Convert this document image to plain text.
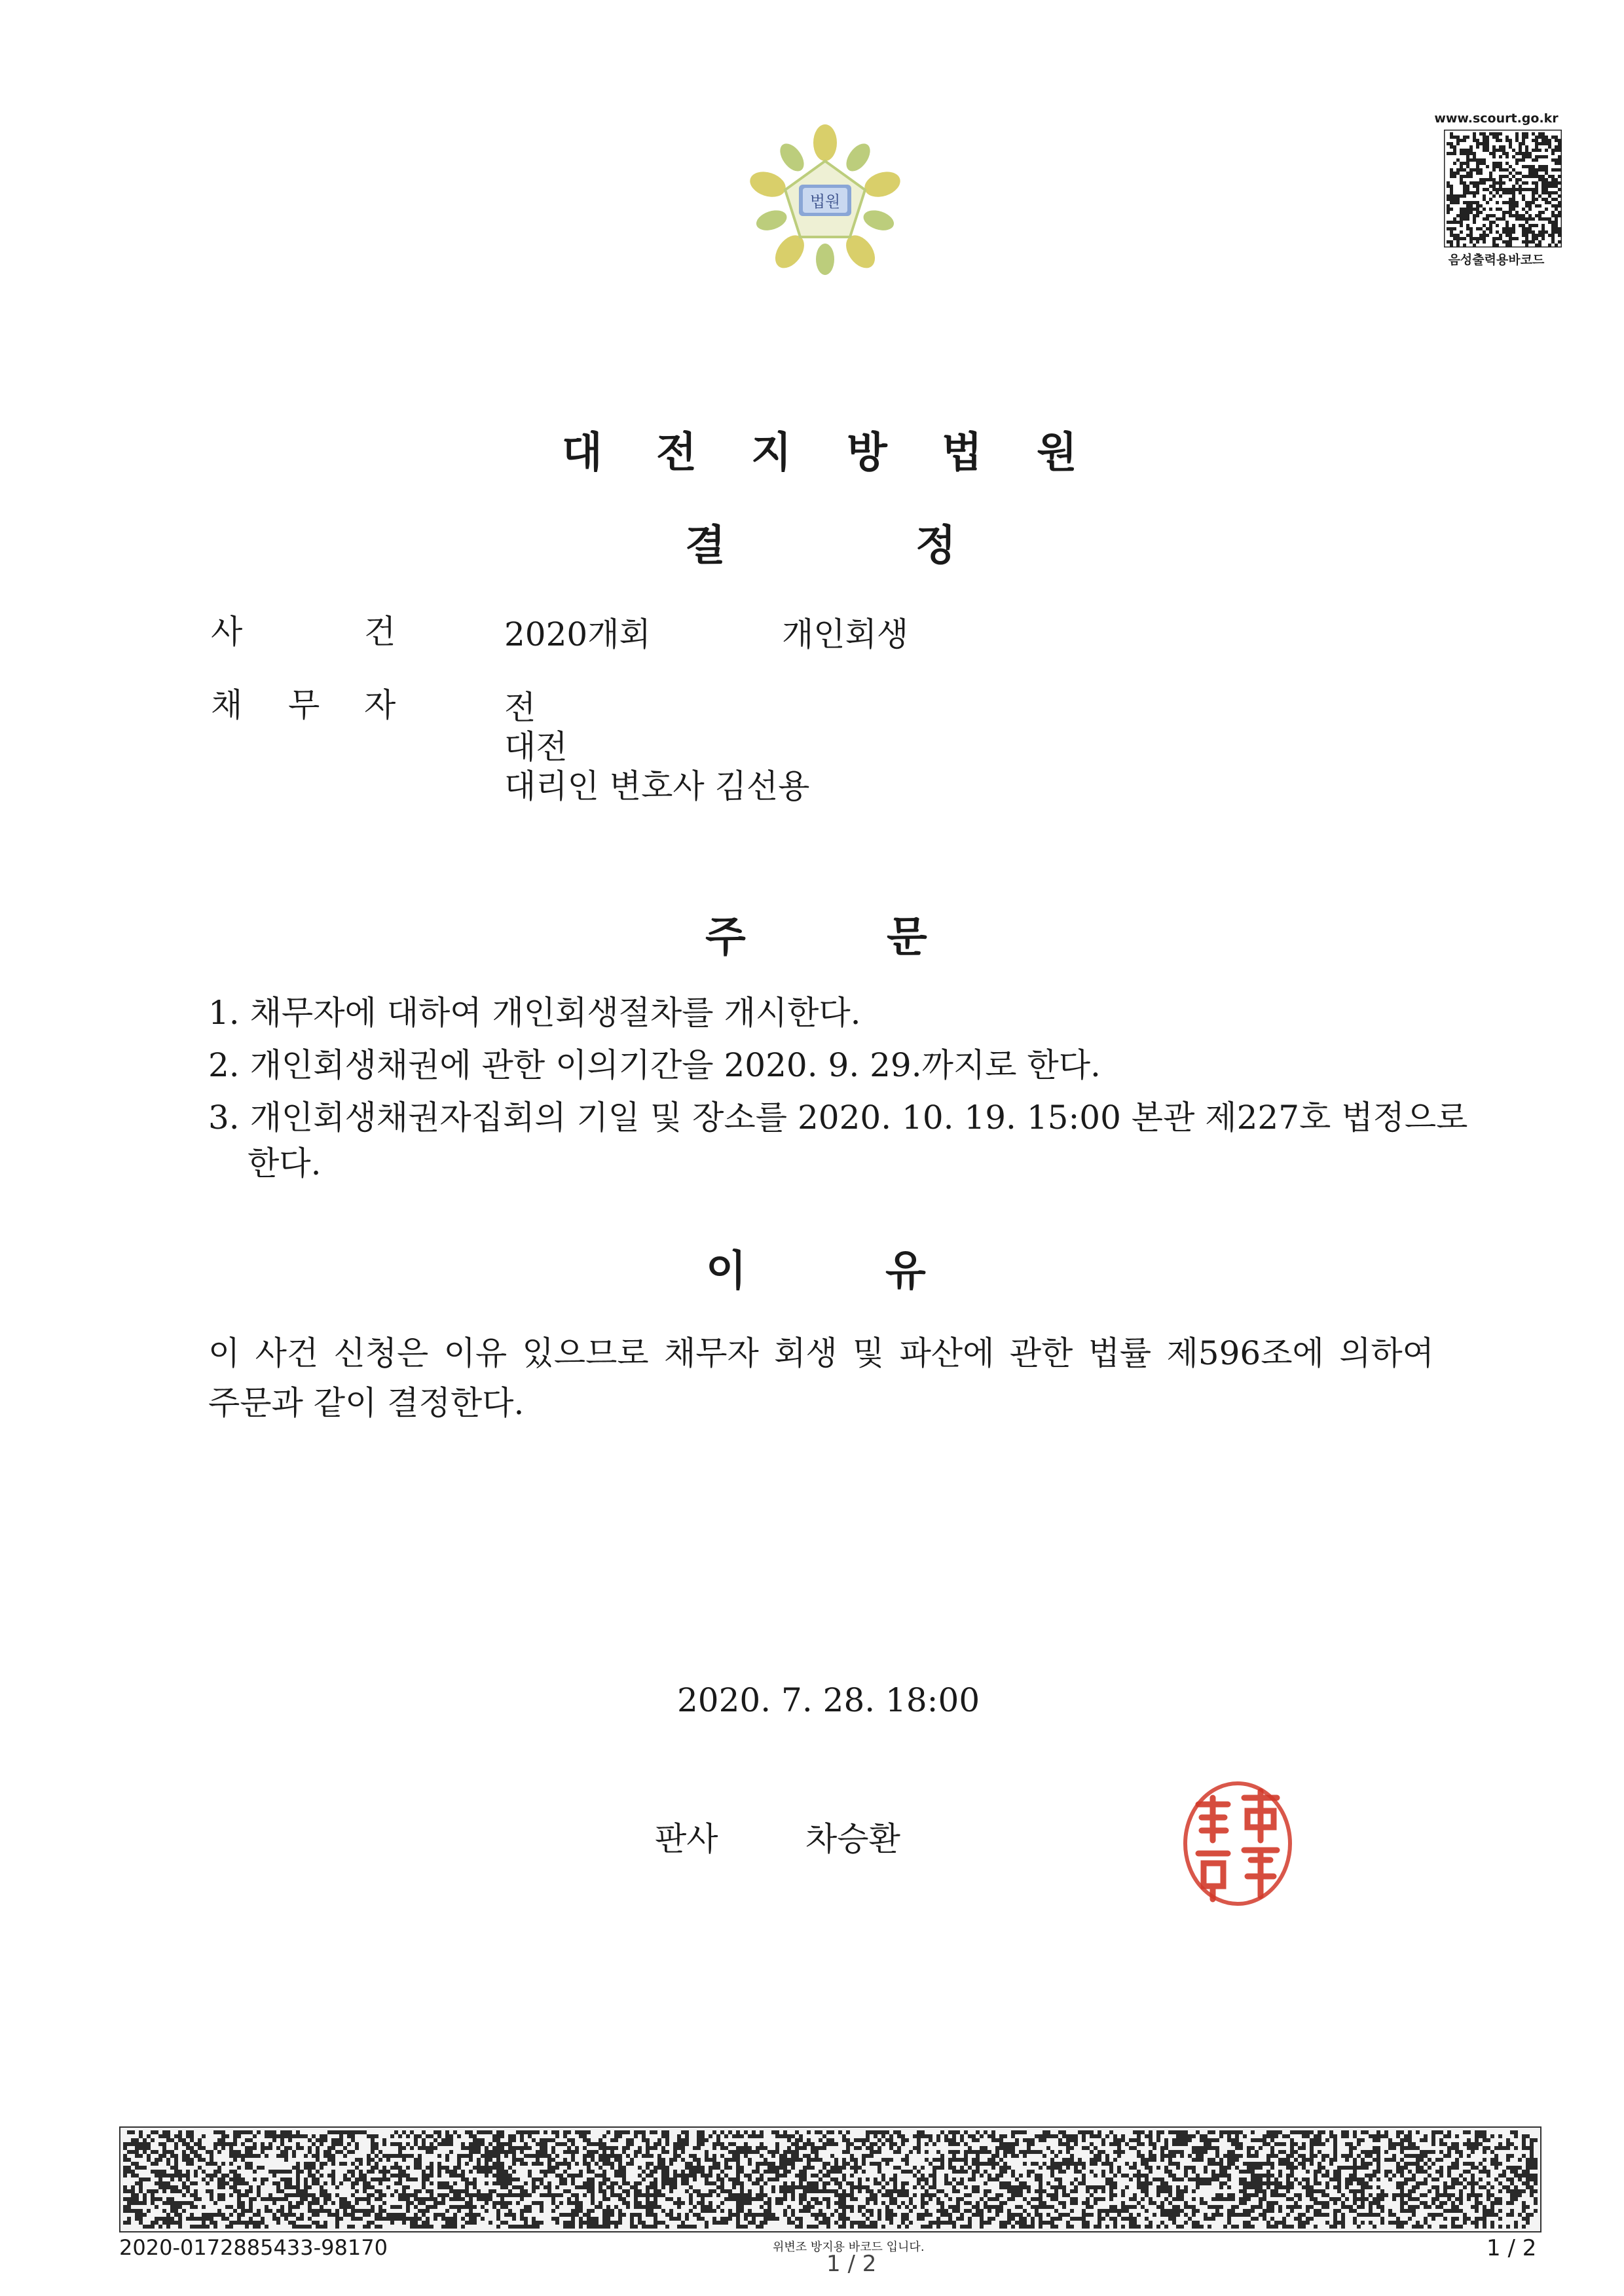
법원
www.scourt.go.kr
음성출력용바코드
대 전 지 방 법 원
결	정
사	건	2020개회	개인회생
채 무 자	전
대전
대리인 변호사 김선용
주	문
1. 채무자에 대하여 개인회생절차를 개시한다.
2. 개인회생채권에 관한 이의기간을 2020. 9. 29.까지로 한다.
3. 개인회생채권자집회의 기일 및 장소를 2020. 10. 19. 15:00 본관 제227호 법정으로
한다.
이	유
이 사건 신청은 이유 있으므로 채무자 회생 및 파산에 관한 법률 제596조에 의하여
주문과 같이 결정한다.
2020. 7. 28. 18:00
판사	차승환
2020-0172885433-98170	위변조 방지용 바코드 입니다.
1 / 2
1 / 2
